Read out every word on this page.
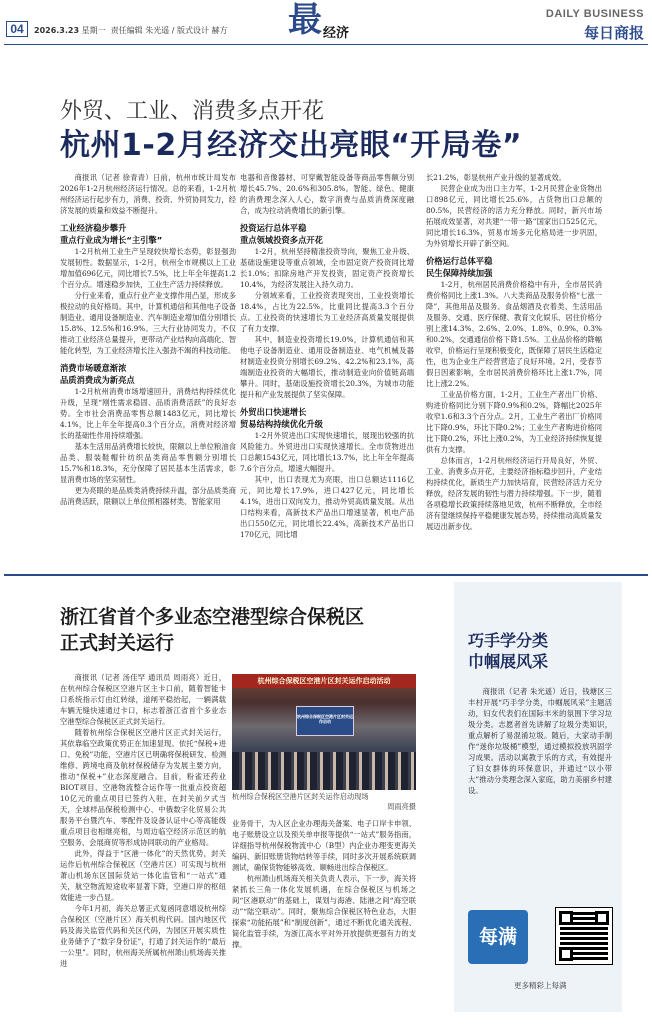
04	2026.3.23 星期一 责任编辑 朱光遥 / 版式设计 赫方 最 经济
DAILY BUSINESS
每日商报
外贸、工业、消费多点开花
杭州1-2月经济交出亮眼“开局卷”

商报讯（记者 徐青青）日前，杭州市统计局发布2026年1-2月杭州经济运行情况。总的来看，1-2月杭州经济运行起步有力，消费、投资、外贸协同发力，经济发展的质量和效益不断提升。

工业经济稳步攀升
重点行业成为增长“主引擎”

1-2月杭州工业生产呈现较快增长态势，彰显强劲发展韧性。数据显示，1-2月，杭州全市规模以上工业增加值696亿元，同比增长7.5%，比上年全年提高1.2个百分点。增速稳步加快，工业生产活力持续释放。

分行业来看，重点行业产业支撑作用凸显，形成多极拉动的良好格局。其中，计算机通信和其他电子设备制造业、通用设备制造业、汽车制造业增加值分别增长15.8%、12.5%和16.9%。三大行业协同发力，不仅推动工业经济总量提升，更带动产业结构向高端化、智能化转型，为工业经济增长注入强劲不竭的科技动能。

消费市场暖意渐浓
品质消费成为新亮点

1-2月杭州消费市场增速回升，消费结构持续优化升级，呈现“刚性需求稳固、品质消费活跃”的良好态势。全市社会消费品零售总额1483亿元，同比增长4.1%，比上年全年提高0.3个百分点，消费对经济增长的基础性作用持续增强。

基本生活用品消费增长较快，限额以上单位粮油食品类、服装鞋帽针纺织品类商品零售额分别增长15.7%和18.3%，充分保障了居民基本生活需求，彰显消费市场的坚实韧性。

更为亮眼的是品质类消费持续升温，部分品质类商品消费活跃，限额以上单位照相器材类、智能家用

电器和音像器材、可穿戴智能设备等商品零售额分别增长45.7%、20.6%和305.8%。智能、绿色、健康的消费理念深入人心，数字消费与品质消费深度融合，成为拉动消费增长的新引擎。

投资运行总体平稳
重点领域投资多点开花

1-2月，杭州坚持精准投资导向，聚焦工业升级、基础设施建设等重点领域，全市固定资产投资同比增长1.0%；扣除房地产开发投资，固定资产投资增长10.4%，为经济发展注入持久动力。

分领域来看，工业投资表现突出，工业投资增长18.4%，占比为22.5%，比重同比提高3.3个百分点。工业投资的快速增长为工业经济高质量发展提供了有力支撑。

其中，制造业投资增长19.0%，计算机通信和其他电子设备制造业、通用设备制造业、电气机械及器材制造业投资分别增长69.2%、42.2%和23.1%，高端制造业投资的大幅增长，推动制造业向价值链高端攀升。同时，基础设施投资增长20.3%，为城市功能提升和产业发展提供了坚实保障。

外贸出口快速增长
贸易结构持续优化升级

1-2月外贸进出口实现快速增长，展现出较强的抗风险能力。外贸进出口实现快速增长。全市货物进出口总额1543亿元，同比增长13.7%，比上年全年提高7.6个百分点，增速大幅提升。

其中，出口表现尤为亮眼，出口总额达1116亿元，同比增长17.9%，进口427亿元，同比增长4.1%，进出口双向发力，推动外贸高质量发展。从出口结构来看，高新技术产品出口增速显著，机电产品出口550亿元，同比增长22.4%，高新技术产品出口170亿元，同比增

长21.2%，彰显杭州产业升级的显著成效。

民营企业成为出口主力军，1-2月民营企业货物出口898亿元，同比增长25.6%，占货物出口总额的80.5%，民营经济的活力充分释放。同时，新兴市场拓展成效显著，对共建“一带一路”国家出口525亿元，同比增长16.3%，贸易市场多元化格局进一步巩固，为外贸增长开辟了新空间。

价格运行总体平稳
民生保障持续加强

1-2月，杭州居民消费价格稳中有升，全市居民消费价格同比上涨1.3%。八大类商品及服务价格“七涨一降”，其他用品及服务、食品烟酒及衣着类、生活用品及服务、交通、医疗保健、教育文化娱乐、居住价格分别上涨14.3%、2.6%、2.0%、1.8%、0.9%、0.3%和0.2%，交通通信价格下降1.5%。工业品价格的降幅收窄，价格运行呈现积极变化，既保障了居民生活稳定性，也为企业生产经营营造了良好环境。2月，受春节假日因素影响，全市居民消费价格环比上涨1.7%，同比上涨2.2%。

工业品价格方面，1-2月，工业生产者出厂价格、购进价格同比分别下降0.9%和0.2%，降幅比2025年收窄1.6和3.3个百分点。2月，工业生产者出厂价格同比下降0.9%，环比下降0.2%；工业生产者购进价格同比下降0.2%，环比上涨0.2%，为工业经济持续恢复提供有力支撑。

总体而言，1-2月杭州经济运行开局良好，外贸、工业、消费多点开花，主要经济指标稳步回升，产业结构持续优化，新质生产力加快培育，民营经济活力充分释放，经济发展的韧性与潜力持续增强。下一步，随着各项稳增长政策持续落地见效，杭州不断释放，全市经济有望继续保持平稳健康发展态势，持续推动高质量发展迈出新步伐。

浙江省首个多业态空港型综合保税区
正式封关运行

商报讯（记者 汤佳罕 通讯员 周雨亮）近日，在杭州综合保税区空港片区主卡口前，随着智能卡口系统指示灯由红转绿，道闸平稳抬起，一辆满载车辆无缝快速通过卡口，标志着浙江省首个多业态空港型综合保税区正式封关运行。

随着杭州综合保税区空港片区正式封关运行，其依靠临空政策优势正在加速显现。依托“保税+进口、免税”功能，空港片区已明确将保税研发、检测维修、跨境电商及航材保税储存为发展主要方向，推动“保税+”业态深度融合。目前，粉雀还药业BIOT项目、空港物流整合运作等一批重点投资超10亿元的重点项目已签约入驻，在封关前夕式当天，全球样品保税检测中心、中俄数字化贸易公共服务平台暨汽车、零配件及设备认证中心等高能级重点项目也相继亮相，与周边临空经济示范区的航空服务、会展商贸等形成协同联动的产业格局。

此外，得益于“区港一体化”的天然优势，封关运作后杭州综合保税区（空港片区）可实现与杭州萧山机场东区国际货站一体化监管和“一站式”通关，航空物流短途收率显著下降，空港口岸的枢纽效能进一步凸显。

今年1月初，海关总署正式复函同意增设杭州综合保税区（空港片区）海关机构代码。国内地区代码及海关监管代码和关区代码，为园区开展实质性业务储予了“数字身份证”，打通了封关运作的“最后一公里”。同时，杭州海关所属杭州萧山机场海关推进

杭州综合保税区空港片区封关运作启动活动
杭州综合保税区空港片区封关运作启动
杭州综合保税区空港片区封关运作启动现场
周雨亮摄

业务骨干，为入区企业办理海关备案、电子口岸卡申领、电子账册设立以及预关单申报等提供“一站式”服务指南，详细指导杭州保税物流中心（B型）内企业办理变更海关编码、新旧账册货物结转等手续，同时多次开展系统联调测试，确保货物能够高效、顺畅进出综合保税区。

杭州萧山机场海关相关负责人表示，下一步，海关将紧抓长三角一体化发展机遇，在综合保税区与机场之间“区港联动”的基础上，谋划与海港、陆港之间“海空联动”“陆空联动”。同时，聚焦综合保税区特色业态，大胆探索“功能拓展”和“制度创新”，通过不断优化通关流程、简化监管手续，为浙江高水平对外开放提供更强有力的支撑。

巧手学分类
巾帼展风采

商报讯（记者 朱光遥）近日，钱塘区三丰村开展“巧手学分类，巾帼展风采”主题活动，妇女代表们在国际丰米的氛围下学习垃圾分类。志愿者首先讲解了垃圾分类知识，重点解析了易混淆垃圾。随后，大家动手制作“迷你垃圾桶”模型，通过模拟投放巩固学习成果。活动以寓教于乐的方式，有效提升了妇女群体的环保意识，并通过“以小带大”推动分类理念深入家庭，助力美丽乡村建设。

每满
更多精彩上每满
